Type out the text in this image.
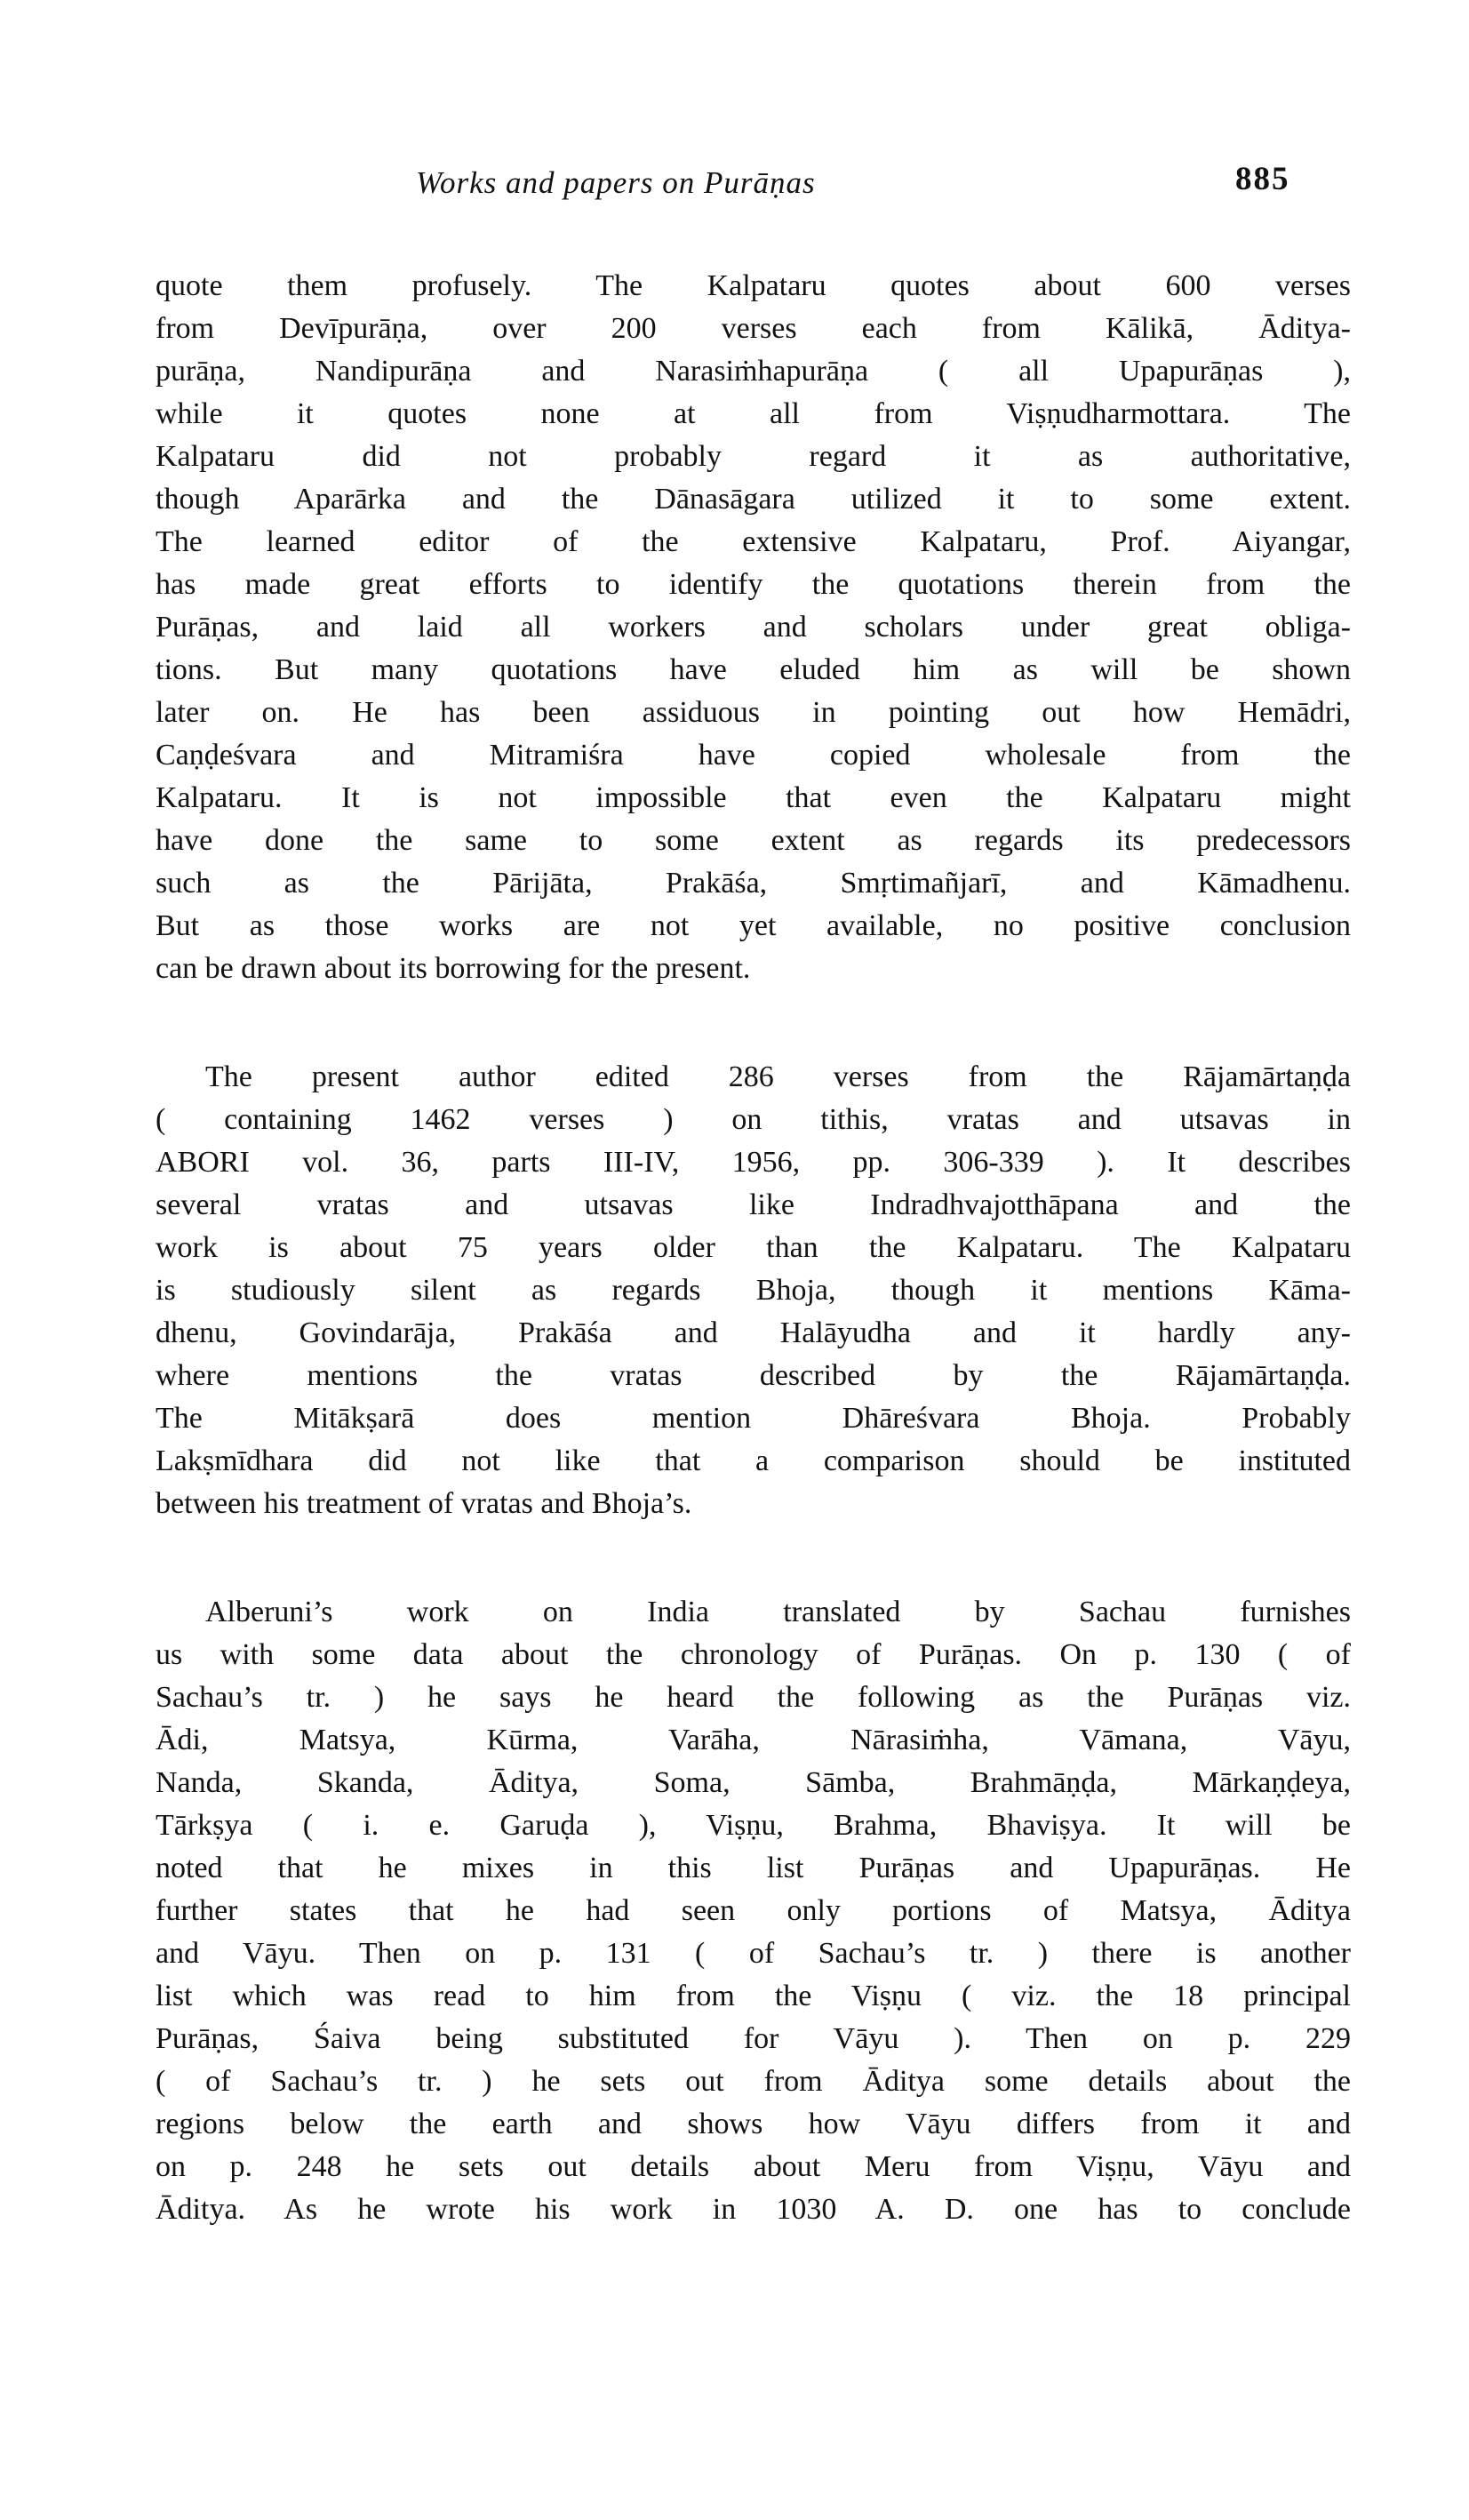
Works and papers on Purāṇas	885
quote them profusely. The Kalpataru quotes about 600 verses
from Devīpurāṇa, over 200 verses each from Kālikā, Āditya-
purāṇa, Nandipurāṇa and Narasiṁhapurāṇa ( all Upapurāṇas ),
while it quotes none at all from Viṣṇudharmottara. The
Kalpataru did not probably regard it as authoritative,
though Aparārka and the Dānasāgara utilized it to some extent.
The learned editor of the extensive Kalpataru, Prof. Aiyangar,
has made great efforts to identify the quotations therein from the
Purāṇas, and laid all workers and scholars under great obliga-
tions. But many quotations have eluded him as will be shown
later on. He has been assiduous in pointing out how Hemādri,
Caṇḍeśvara and Mitramiśra have copied wholesale from the
Kalpataru. It is not impossible that even the Kalpataru might
have done the same to some extent as regards its predecessors
such as the Pārijāta, Prakāśa, Smṛtimañjarī, and Kāmadhenu.
But as those works are not yet available, no positive conclusion
can be drawn about its borrowing for the present.
The present author edited 286 verses from the Rājamārtaṇḍa
( containing 1462 verses ) on tithis, vratas and utsavas in
ABORI vol. 36, parts III-IV, 1956, pp. 306-339 ). It describes
several vratas and utsavas like Indradhvajotthāpana and the
work is about 75 years older than the Kalpataru. The Kalpataru
is studiously silent as regards Bhoja, though it mentions Kāma-
dhenu, Govindarāja, Prakāśa and Halāyudha and it hardly any-
where mentions the vratas described by the Rājamārtaṇḍa.
The Mitākṣarā does mention Dhāreśvara Bhoja. Probably
Lakṣmīdhara did not like that a comparison should be instituted
between his treatment of vratas and Bhoja’s.
Alberuni’s work on India translated by Sachau furnishes
us with some data about the chronology of Purāṇas. On p. 130 ( of
Sachau’s tr. ) he says he heard the following as the Purāṇas viz.
Ādi, Matsya, Kūrma, Varāha, Nārasiṁha, Vāmana, Vāyu,
Nanda, Skanda, Āditya, Soma, Sāmba, Brahmāṇḍa, Mārkaṇḍeya,
Tārkṣya ( i. e. Garuḍa ), Viṣṇu, Brahma, Bhaviṣya. It will be
noted that he mixes in this list Purāṇas and Upapurāṇas. He
further states that he had seen only portions of Matsya, Āditya
and Vāyu. Then on p. 131 ( of Sachau’s tr. ) there is another
list which was read to him from the Viṣṇu ( viz. the 18 principal
Purāṇas, Śaiva being substituted for Vāyu ). Then on p. 229
( of Sachau’s tr. ) he sets out from Āditya some details about the
regions below the earth and shows how Vāyu differs from it and
on p. 248 he sets out details about Meru from Viṣṇu, Vāyu and
Āditya. As he wrote his work in 1030 A. D. one has to conclude
